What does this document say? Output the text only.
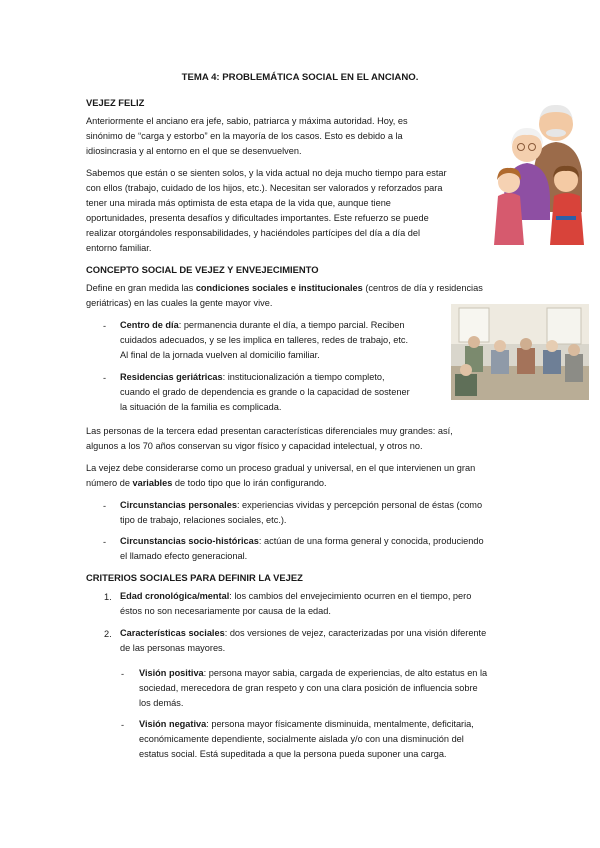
TEMA 4: PROBLEMÁTICA SOCIAL EN EL ANCIANO.
VEJEZ FELIZ
Anteriormente el anciano era jefe, sabio, patriarca y máxima autoridad. Hoy, es
sinónimo de “carga y estorbo” en la mayoría de los casos. Esto es debido a la
idiosincrasia y al entorno en el que se desenvuelven.
Sabemos que están o se sienten solos, y la vida actual no deja mucho tiempo para estar
con ellos (trabajo, cuidado de los hijos, etc.). Necesitan ser valorados y reforzados para
tener una mirada más optimista de esta etapa de la vida que, aunque tiene
oportunidades, presenta desafíos y dificultades importantes. Este refuerzo se puede
realizar otorgándoles responsabilidades, y haciéndoles partícipes del día a día del
entorno familiar.
CONCEPTO SOCIAL DE VEJEZ Y ENVEJECIMIENTO
Define en gran medida las condiciones sociales e institucionales (centros de día y residencias
geriátricas) en las cuales la gente mayor vive.
- Centro de día: permanencia durante el día, a tiempo parcial. Reciben
cuidados adecuados, y se les implica en talleres, redes de trabajo, etc.
Al final de la jornada vuelven al domicilio familiar.
- Residencias geriátricas: institucionalización a tiempo completo,
cuando el grado de dependencia es grande o la capacidad de sostener
la situación de la familia es complicada.
Las personas de la tercera edad presentan características diferenciales muy grandes: así,
algunos a los 70 años conservan su vigor físico y capacidad intelectual, y otros no.
La vejez debe considerarse como un proceso gradual y universal, en el que intervienen un gran
número de variables de todo tipo que lo irán configurando.
- Circunstancias personales: experiencias vividas y percepción personal de éstas (como
tipo de trabajo, relaciones sociales, etc.).
- Circunstancias socio-históricas: actúan de una forma general y conocida, produciendo
el llamado efecto generacional.
CRITERIOS SOCIALES PARA DEFINIR LA VEJEZ
1. Edad cronológica/mental: los cambios del envejecimiento ocurren en el tiempo, pero
éstos no son necesariamente por causa de la edad.
2. Características sociales: dos versiones de vejez, caracterizadas por una visión diferente
de las personas mayores.
- Visión positiva: persona mayor sabia, cargada de experiencias, de alto estatus en la
sociedad, merecedora de gran respeto y con una clara posición de influencia sobre
los demás.
- Visión negativa: persona mayor físicamente disminuida, mentalmente, deficitaria,
económicamente dependiente, socialmente aislada y/o con una disminución del
estatus social. Está supeditada a que la persona pueda suponer una carga.
